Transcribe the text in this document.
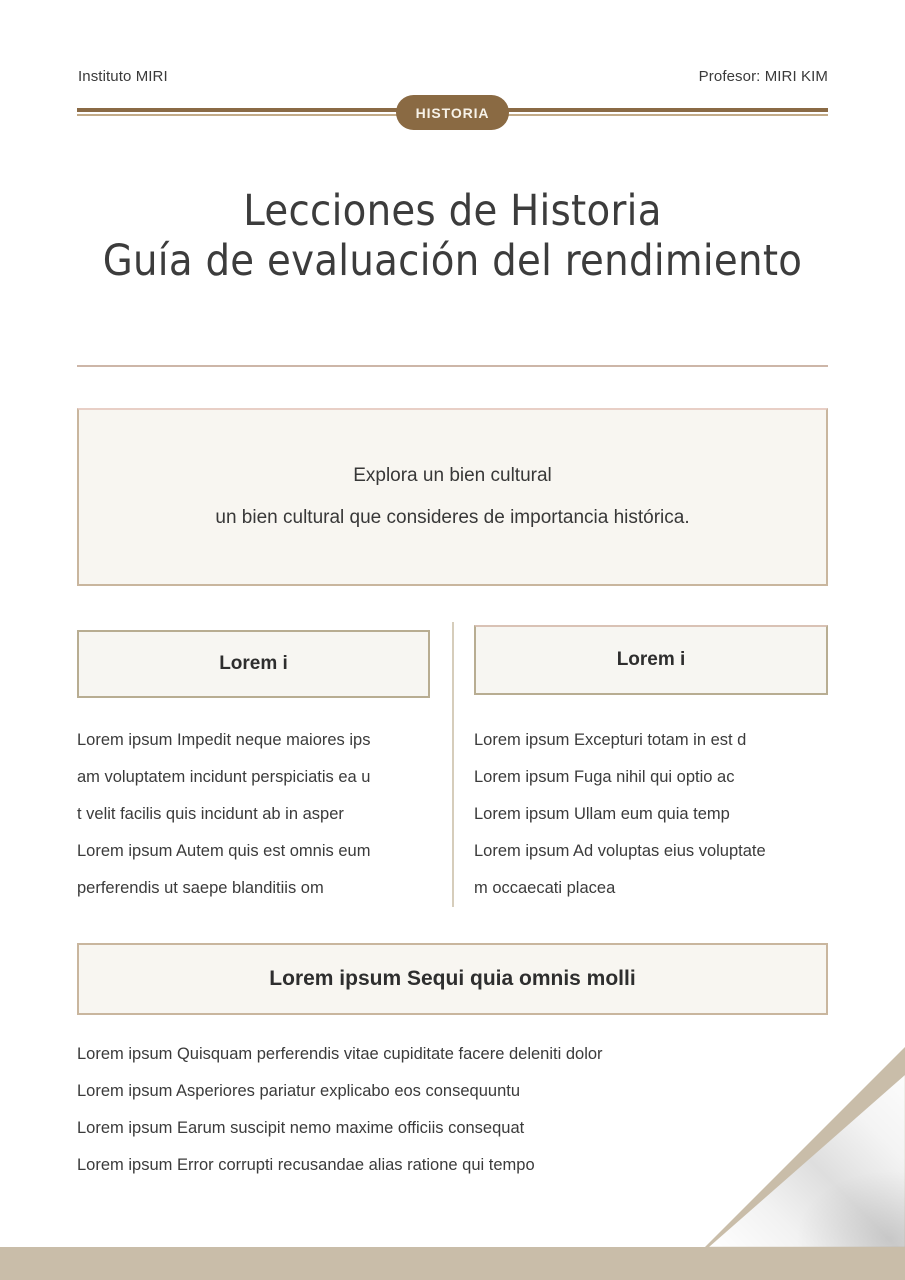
Instituto MIRI	Profesor: MIRI KIM
HISTORIA
Lecciones de Historia
Guía de evaluación del rendimiento
Explora un bien cultural
un bien cultural que consideres de importancia histórica.
Lorem i	Lorem i
Lorem ipsum Impedit neque maiores ips
am voluptatem incidunt perspiciatis ea u
t velit facilis quis incidunt ab in asper
Lorem ipsum Autem quis est omnis eum
perferendis ut saepe blanditiis om
Lorem ipsum Excepturi totam in est d
Lorem ipsum Fuga nihil qui optio ac
Lorem ipsum Ullam eum quia temp
Lorem ipsum Ad voluptas eius voluptate
m occaecati placea
Lorem ipsum Sequi quia omnis molli
Lorem ipsum Quisquam perferendis vitae cupiditate facere deleniti dolor
Lorem ipsum Asperiores pariatur explicabo eos consequuntu
Lorem ipsum Earum suscipit nemo maxime officiis consequat
Lorem ipsum Error corrupti recusandae alias ratione qui tempo
